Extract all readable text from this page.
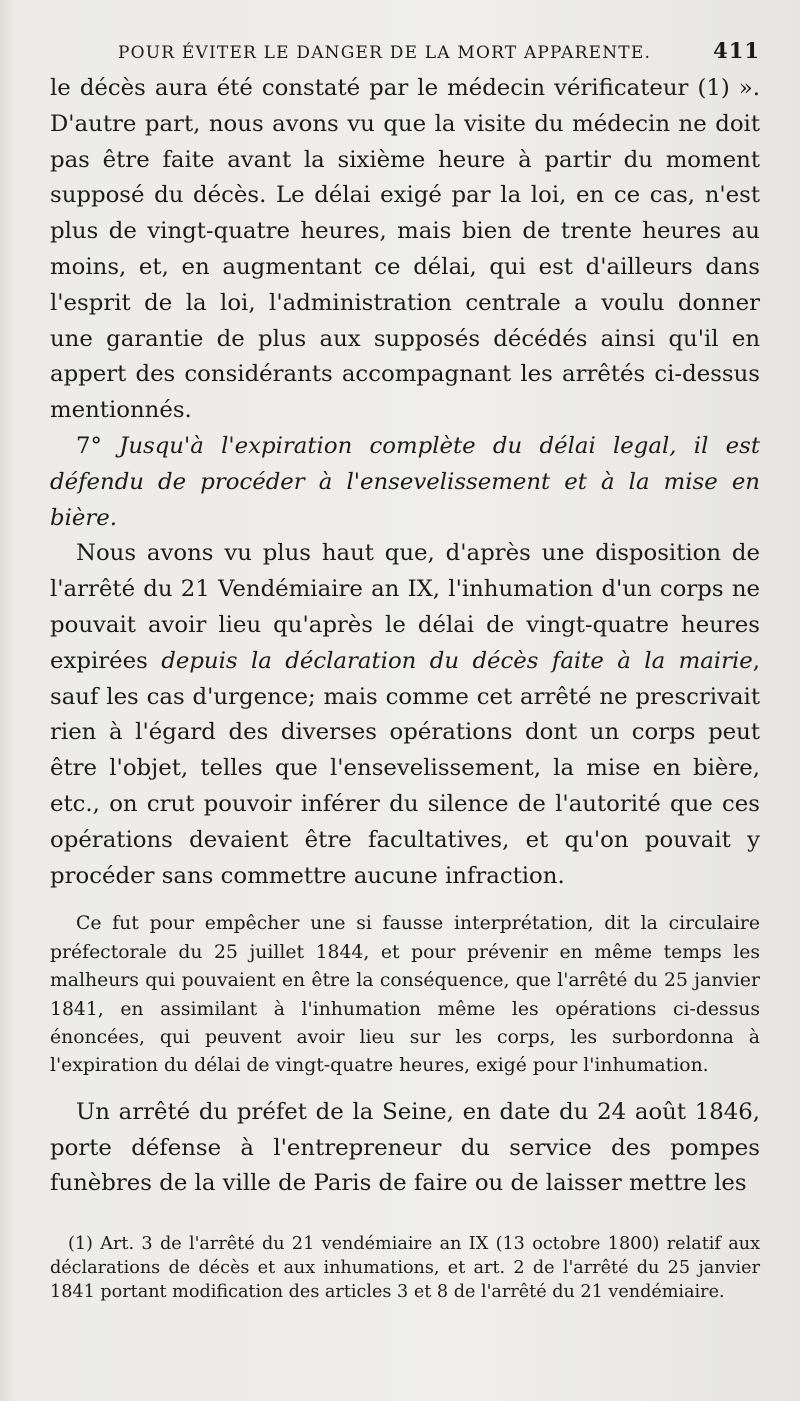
POUR ÉVITER LE DANGER DE LA MORT APPARENTE.	411

le décès aura été constaté par le médecin vérificateur (1) ». D'autre part, nous avons vu que la visite du médecin ne doit pas être faite avant la sixième heure à partir du moment supposé du décès. Le délai exigé par la loi, en ce cas, n'est plus de vingt-quatre heures, mais bien de trente heures au moins, et, en augmentant ce délai, qui est d'ailleurs dans l'esprit de la loi, l'administration centrale a voulu donner une garantie de plus aux supposés décédés ainsi qu'il en appert des considérants accompagnant les arrêtés ci-dessus mentionnés.

7° Jusqu'à l'expiration complète du délai legal, il est défendu de procéder à l'ensevelissement et à la mise en bière.

Nous avons vu plus haut que, d'après une disposition de l'arrêté du 21 Vendémiaire an IX, l'inhumation d'un corps ne pouvait avoir lieu qu'après le délai de vingt-quatre heures expirées depuis la déclaration du décès faite à la mairie, sauf les cas d'urgence; mais comme cet arrêté ne prescrivait rien à l'égard des diverses opérations dont un corps peut être l'objet, telles que l'ensevelissement, la mise en bière, etc., on crut pouvoir inférer du silence de l'autorité que ces opérations devaient être facultatives, et qu'on pouvait y procéder sans commettre aucune infraction.

Ce fut pour empêcher une si fausse interprétation, dit la circulaire préfectorale du 25 juillet 1844, et pour prévenir en même temps les malheurs qui pouvaient en être la conséquence, que l'arrêté du 25 janvier 1841, en assimilant à l'inhumation même les opérations ci-dessus énoncées, qui peuvent avoir lieu sur les corps, les surbordonna à l'expiration du délai de vingt-quatre heures, exigé pour l'inhumation.

Un arrêté du préfet de la Seine, en date du 24 août 1846, porte défense à l'entrepreneur du service des pompes funèbres de la ville de Paris de faire ou de laisser mettre les

(1) Art. 3 de l'arrêté du 21 vendémiaire an IX (13 octobre 1800) relatif aux déclarations de décès et aux inhumations, et art. 2 de l'arrêté du 25 janvier 1841 portant modification des articles 3 et 8 de l'arrêté du 21 vendémiaire.
